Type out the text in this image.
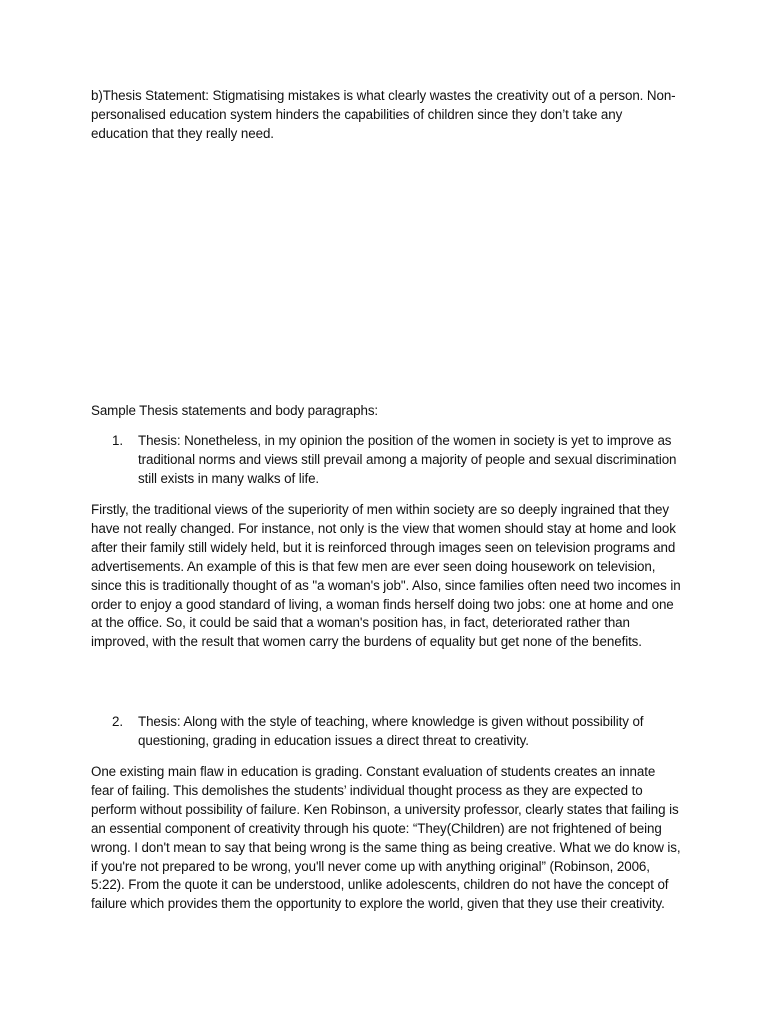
b)Thesis Statement: Stigmatising mistakes is what clearly wastes the creativity out of a person. Non-personalised education system hinders the capabilities of children since they don’t take any education that they really need.

Sample Thesis statements and body paragraphs:

1.	Thesis: Nonetheless, in my opinion the position of the women in society is yet to improve as traditional norms and views still prevail among a majority of people and sexual discrimination still exists in many walks of life.

Firstly, the traditional views of the superiority of men within society are so deeply ingrained that they have not really changed. For instance, not only is the view that women should stay at home and look after their family still widely held, but it is reinforced through images seen on television programs and advertisements. An example of this is that few men are ever seen doing housework on television, since this is traditionally thought of as "a woman's job". Also, since families often need two incomes in order to enjoy a good standard of living, a woman finds herself doing two jobs: one at home and one at the office. So, it could be said that a woman's position has, in fact, deteriorated rather than improved, with the result that women carry the burdens of equality but get none of the benefits.

2.	Thesis: Along with the style of teaching, where knowledge is given without possibility of questioning, grading in education issues a direct threat to creativity.

One existing main flaw in education is grading. Constant evaluation of students creates an innate fear of failing. This demolishes the students’ individual thought process as they are expected to perform without possibility of failure. Ken Robinson, a university professor, clearly states that failing is an essential component of creativity through his quote: “They(Children) are not frightened of being wrong. I don't mean to say that being wrong is the same thing as being creative. What we do know is, if you're not prepared to be wrong, you'll never come up with anything original” (Robinson, 2006, 5:22). From the quote it can be understood, unlike adolescents, children do not have the concept of failure which provides them the opportunity to explore the world, given that they use their creativity.
